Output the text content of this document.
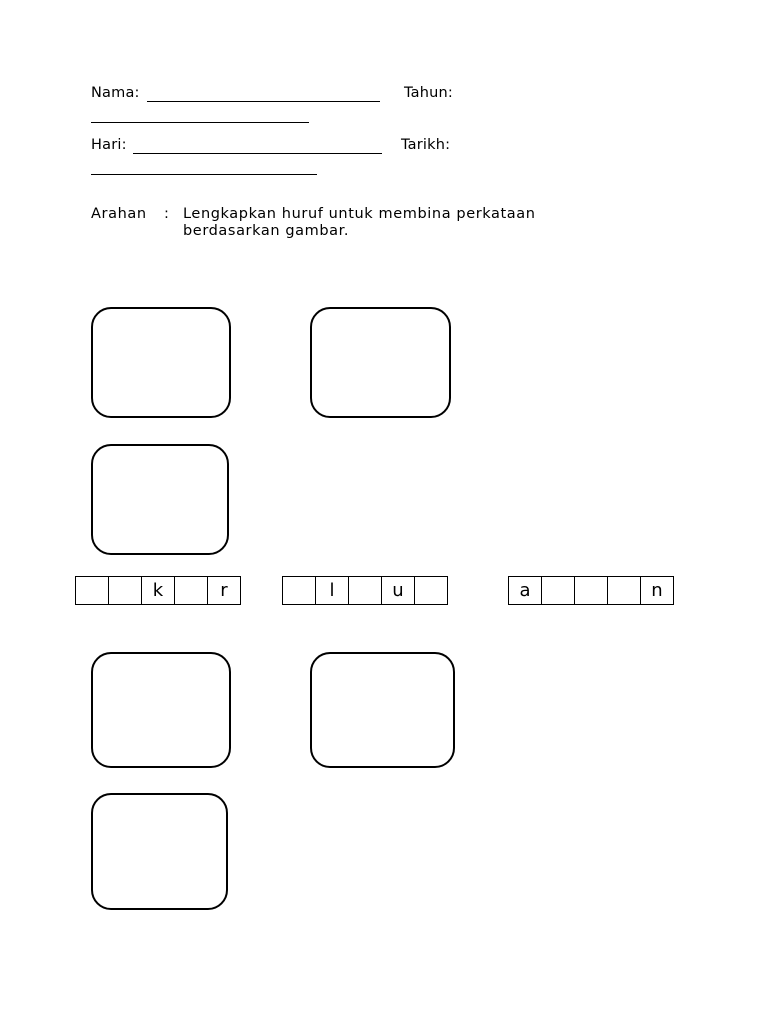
Nama:	Tahun:
Hari:	Tarikh:
Arahan : Lengkapkan huruf untuk membina perkataan
berdasarkan gambar.
k	r	l	u	a	n
